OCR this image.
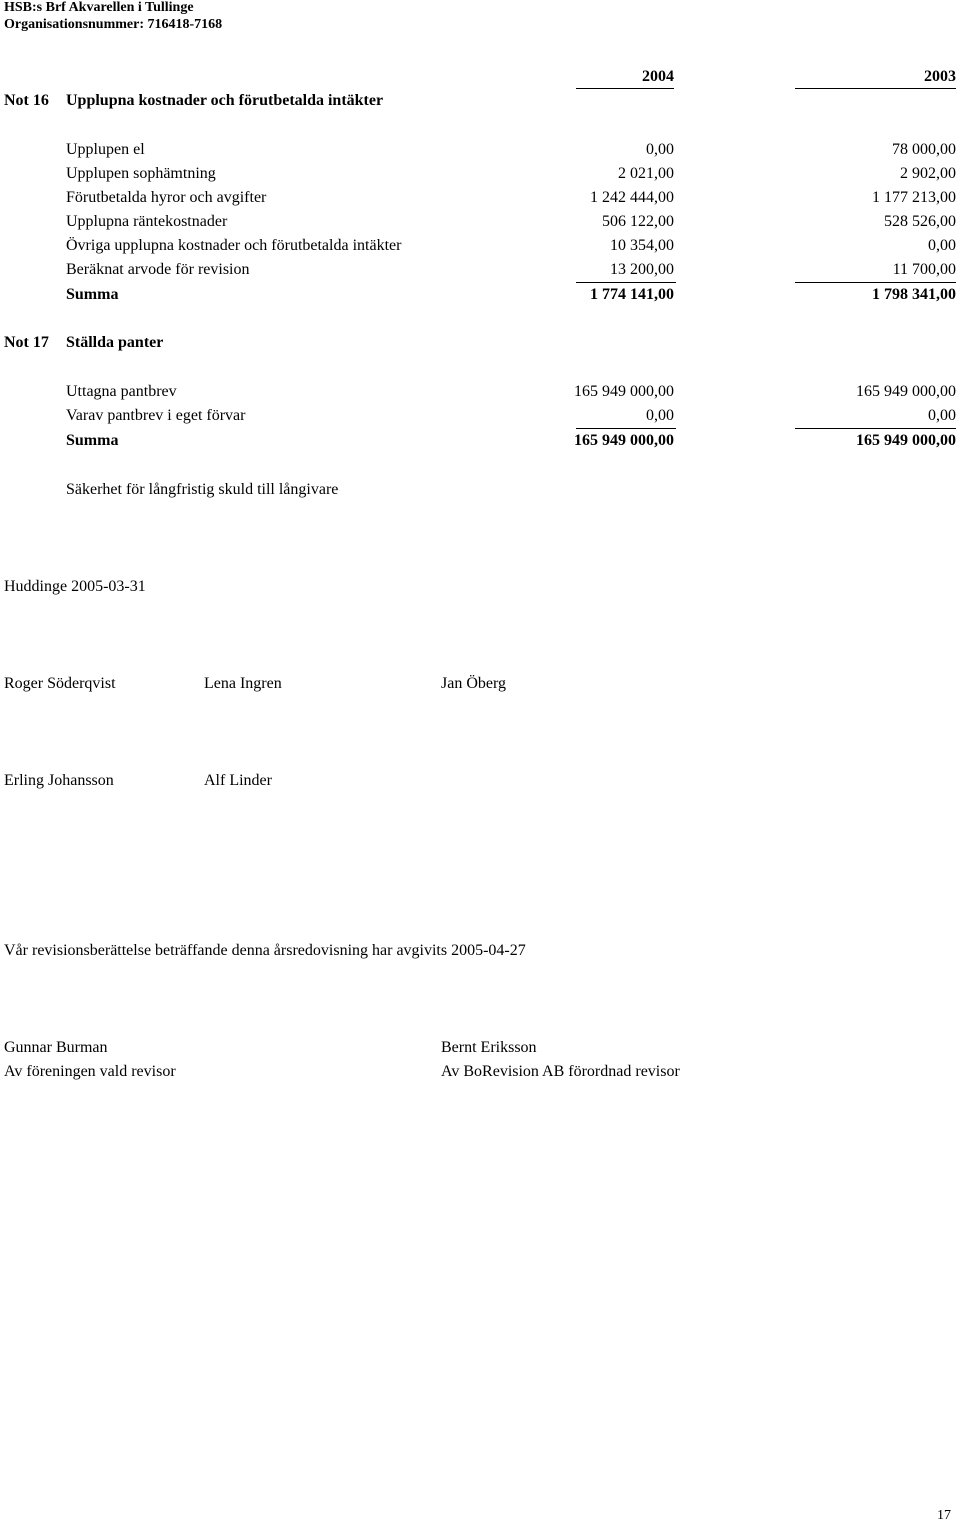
HSB:s Brf Akvarellen i Tullinge
Organisationsnummer: 716418-7168
2004	2003
Not 16 Upplupna kostnader och förutbetalda intäkter
Upplupen el	0,00	78 000,00
Upplupen sophämtning	2 021,00	2 902,00
Förutbetalda hyror och avgifter	1 242 444,00	1 177 213,00
Upplupna räntekostnader	506 122,00	528 526,00
Övriga upplupna kostnader och förutbetalda intäkter	10 354,00	0,00
Beräknat arvode för revision	13 200,00	11 700,00
Summa	1 774 141,00	1 798 341,00
Not 17 Ställda panter
Uttagna pantbrev	165 949 000,00	165 949 000,00
Varav pantbrev i eget förvar	0,00	0,00
Summa	165 949 000,00	165 949 000,00
Säkerhet för långfristig skuld till långivare
Huddinge 2005-03-31
Roger Söderqvist	Lena Ingren	Jan Öberg
Erling Johansson	Alf Linder
Vår revisionsberättelse beträffande denna årsredovisning har avgivits 2005-04-27
Gunnar Burman
Av föreningen vald revisor
Bernt Eriksson
Av BoRevision AB förordnad revisor
17
